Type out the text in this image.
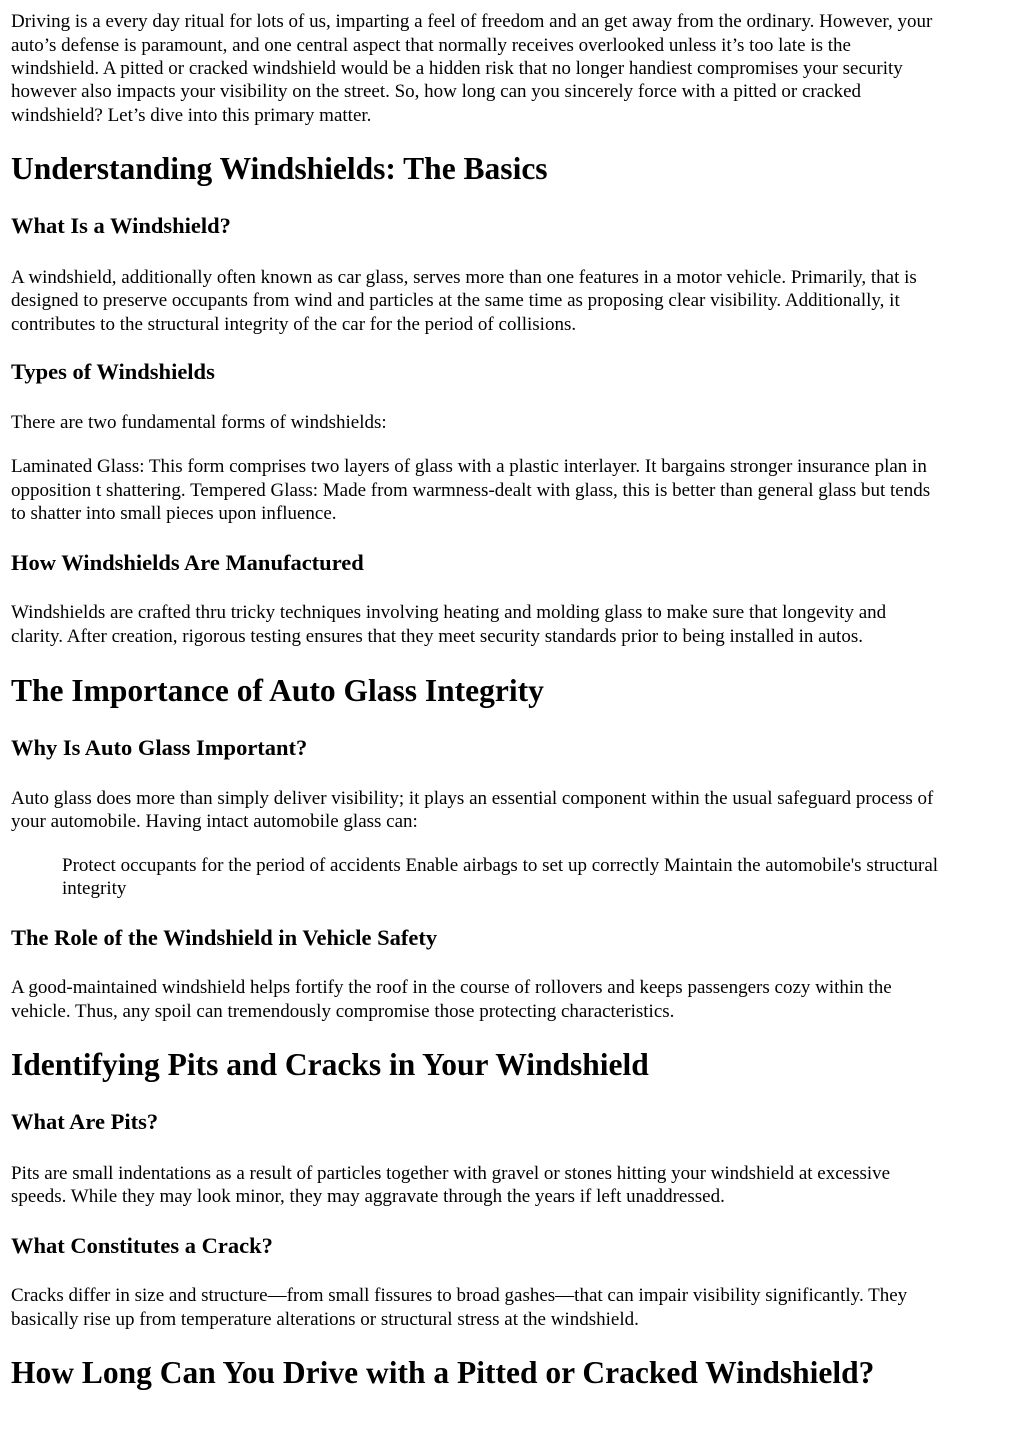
Driving is a every day ritual for lots of us, imparting a feel of freedom and an get away from the ordinary. However, your

auto’s defense is paramount, and one central aspect that normally receives overlooked unless it’s too late is the

windshield. A pitted or cracked windshield would be a hidden risk that no longer handiest compromises your security

however also impacts your visibility on the street. So, how long can you sincerely force with a pitted or cracked

windshield? Let’s dive into this primary matter.

Understanding Windshields: The Basics
What Is a Windshield?

A windshield, additionally often known as car glass, serves more than one features in a motor vehicle. Primarily, that is

designed to preserve occupants from wind and particles at the same time as proposing clear visibility. Additionally, it

contributes to the structural integrity of the car for the period of collisions.

Types of Windshields

There are two fundamental forms of windshields:

Laminated Glass: This form comprises two layers of glass with a plastic interlayer. It bargains stronger insurance plan in

opposition t shattering. Tempered Glass: Made from warmness-dealt with glass, this is better than general glass but tends

to shatter into small pieces upon influence.

How Windshields Are Manufactured

Windshields are crafted thru tricky techniques involving heating and molding glass to make sure that longevity and

clarity. After creation, rigorous testing ensures that they meet security standards prior to being installed in autos.

The Importance of Auto Glass Integrity
Why Is Auto Glass Important?

Auto glass does more than simply deliver visibility; it plays an essential component within the usual safeguard process of

your automobile. Having intact automobile glass can:

Protect occupants for the period of accidents Enable airbags to set up correctly Maintain the automobile's structural

integrity

The Role of the Windshield in Vehicle Safety

A good-maintained windshield helps fortify the roof in the course of rollovers and keeps passengers cozy within the

vehicle. Thus, any spoil can tremendously compromise those protecting characteristics.

Identifying Pits and Cracks in Your Windshield
What Are Pits?

Pits are small indentations as a result of particles together with gravel or stones hitting your windshield at excessive

speeds. While they may look minor, they may aggravate through the years if left unaddressed.

What Constitutes a Crack?

Cracks differ in size and structure—from small fissures to broad gashes—that can impair visibility significantly. They

basically rise up from temperature alterations or structural stress at the windshield.

How Long Can You Drive with a Pitted or Cracked Windshield?
